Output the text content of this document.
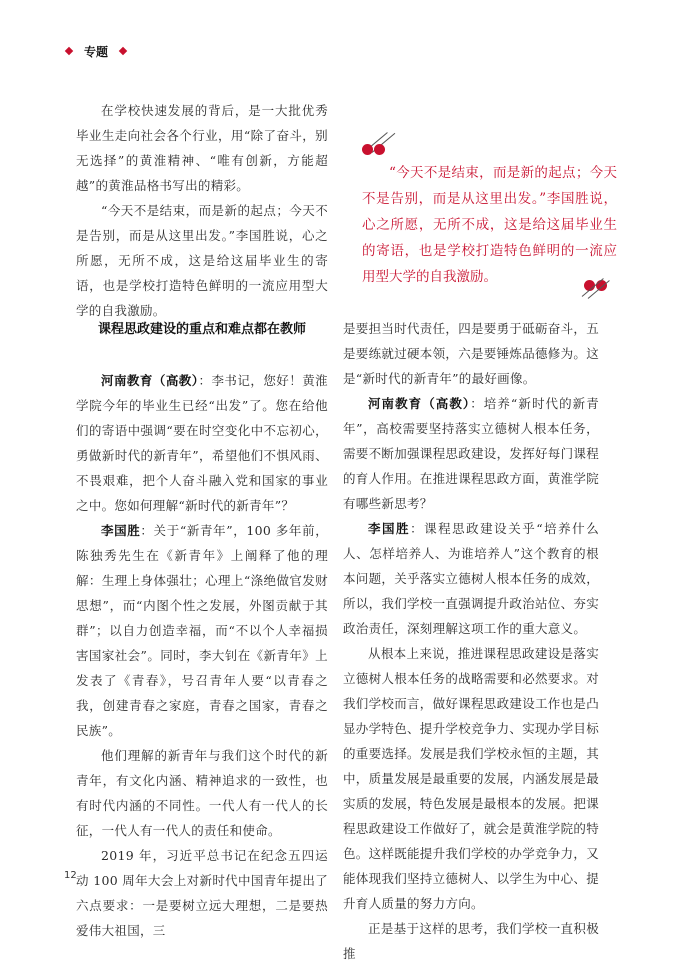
专题

在学校快速发展的背后，是一大批优秀毕业生走向社会各个行业，用“除了奋斗，别无选择”的黄淮精神、“唯有创新，方能超越”的黄淮品格书写出的精彩。

“今天不是结束，而是新的起点；今天不是告别，而是从这里出发。”李国胜说，心之所愿，无所不成，这是给这届毕业生的寄语，也是学校打造特色鲜明的一流应用型大学的自我激励。

“今天不是结束，而是新的起点；今天不是告别，而是从这里出发。”李国胜说，心之所愿，无所不成，这是给这届毕业生的寄语，也是学校打造特色鲜明的一流应用型大学的自我激励。

课程思政建设的重点和难点都在教师

河南教育（高教）：李书记，您好！黄淮学院今年的毕业生已经“出发”了。您在给他们的寄语中强调“要在时空变化中不忘初心，勇做新时代的新青年”，希望他们不惧风雨、不畏艰难，把个人奋斗融入党和国家的事业之中。您如何理解“新时代的新青年”？

李国胜：关于“新青年”，100 多年前，陈独秀先生在《新青年》上阐释了他的理解：生理上身体强壮；心理上“涤绝做官发财思想”，而“内图个性之发展，外图贡献于其群”；以自力创造幸福，而“不以个人幸福损害国家社会”。同时，李大钊在《新青年》上发表了《青春》，号召青年人要“以青春之我，创建青春之家庭，青春之国家，青春之民族”。

他们理解的新青年与我们这个时代的新青年，有文化内涵、精神追求的一致性，也有时代内涵的不同性。一代人有一代人的长征，一代人有一代人的责任和使命。

2019 年，习近平总书记在纪念五四运动 100 周年大会上对新时代中国青年提出了六点要求：一是要树立远大理想，二是要热爱伟大祖国，三

是要担当时代责任，四是要勇于砥砺奋斗，五是要练就过硬本领，六是要锤炼品德修为。这是“新时代的新青年”的最好画像。

河南教育（高教）：培养“新时代的新青年”，高校需要坚持落实立德树人根本任务，需要不断加强课程思政建设，发挥好每门课程的育人作用。在推进课程思政方面，黄淮学院有哪些新思考？

李国胜：课程思政建设关乎“培养什么人、怎样培养人、为谁培养人”这个教育的根本问题，关乎落实立德树人根本任务的成效，所以，我们学校一直强调提升政治站位、夯实政治责任，深刻理解这项工作的重大意义。

从根本上来说，推进课程思政建设是落实立德树人根本任务的战略需要和必然要求。对我们学校而言，做好课程思政建设工作也是凸显办学特色、提升学校竞争力、实现办学目标的重要选择。发展是我们学校永恒的主题，其中，质量发展是最重要的发展，内涵发展是最实质的发展，特色发展是最根本的发展。把课程思政建设工作做好了，就会是黄淮学院的特色。这样既能提升我们学校的办学竞争力，又能体现我们坚持立德树人、以学生为中心、提升育人质量的努力方向。

正是基于这样的思考，我们学校一直积极推

12
